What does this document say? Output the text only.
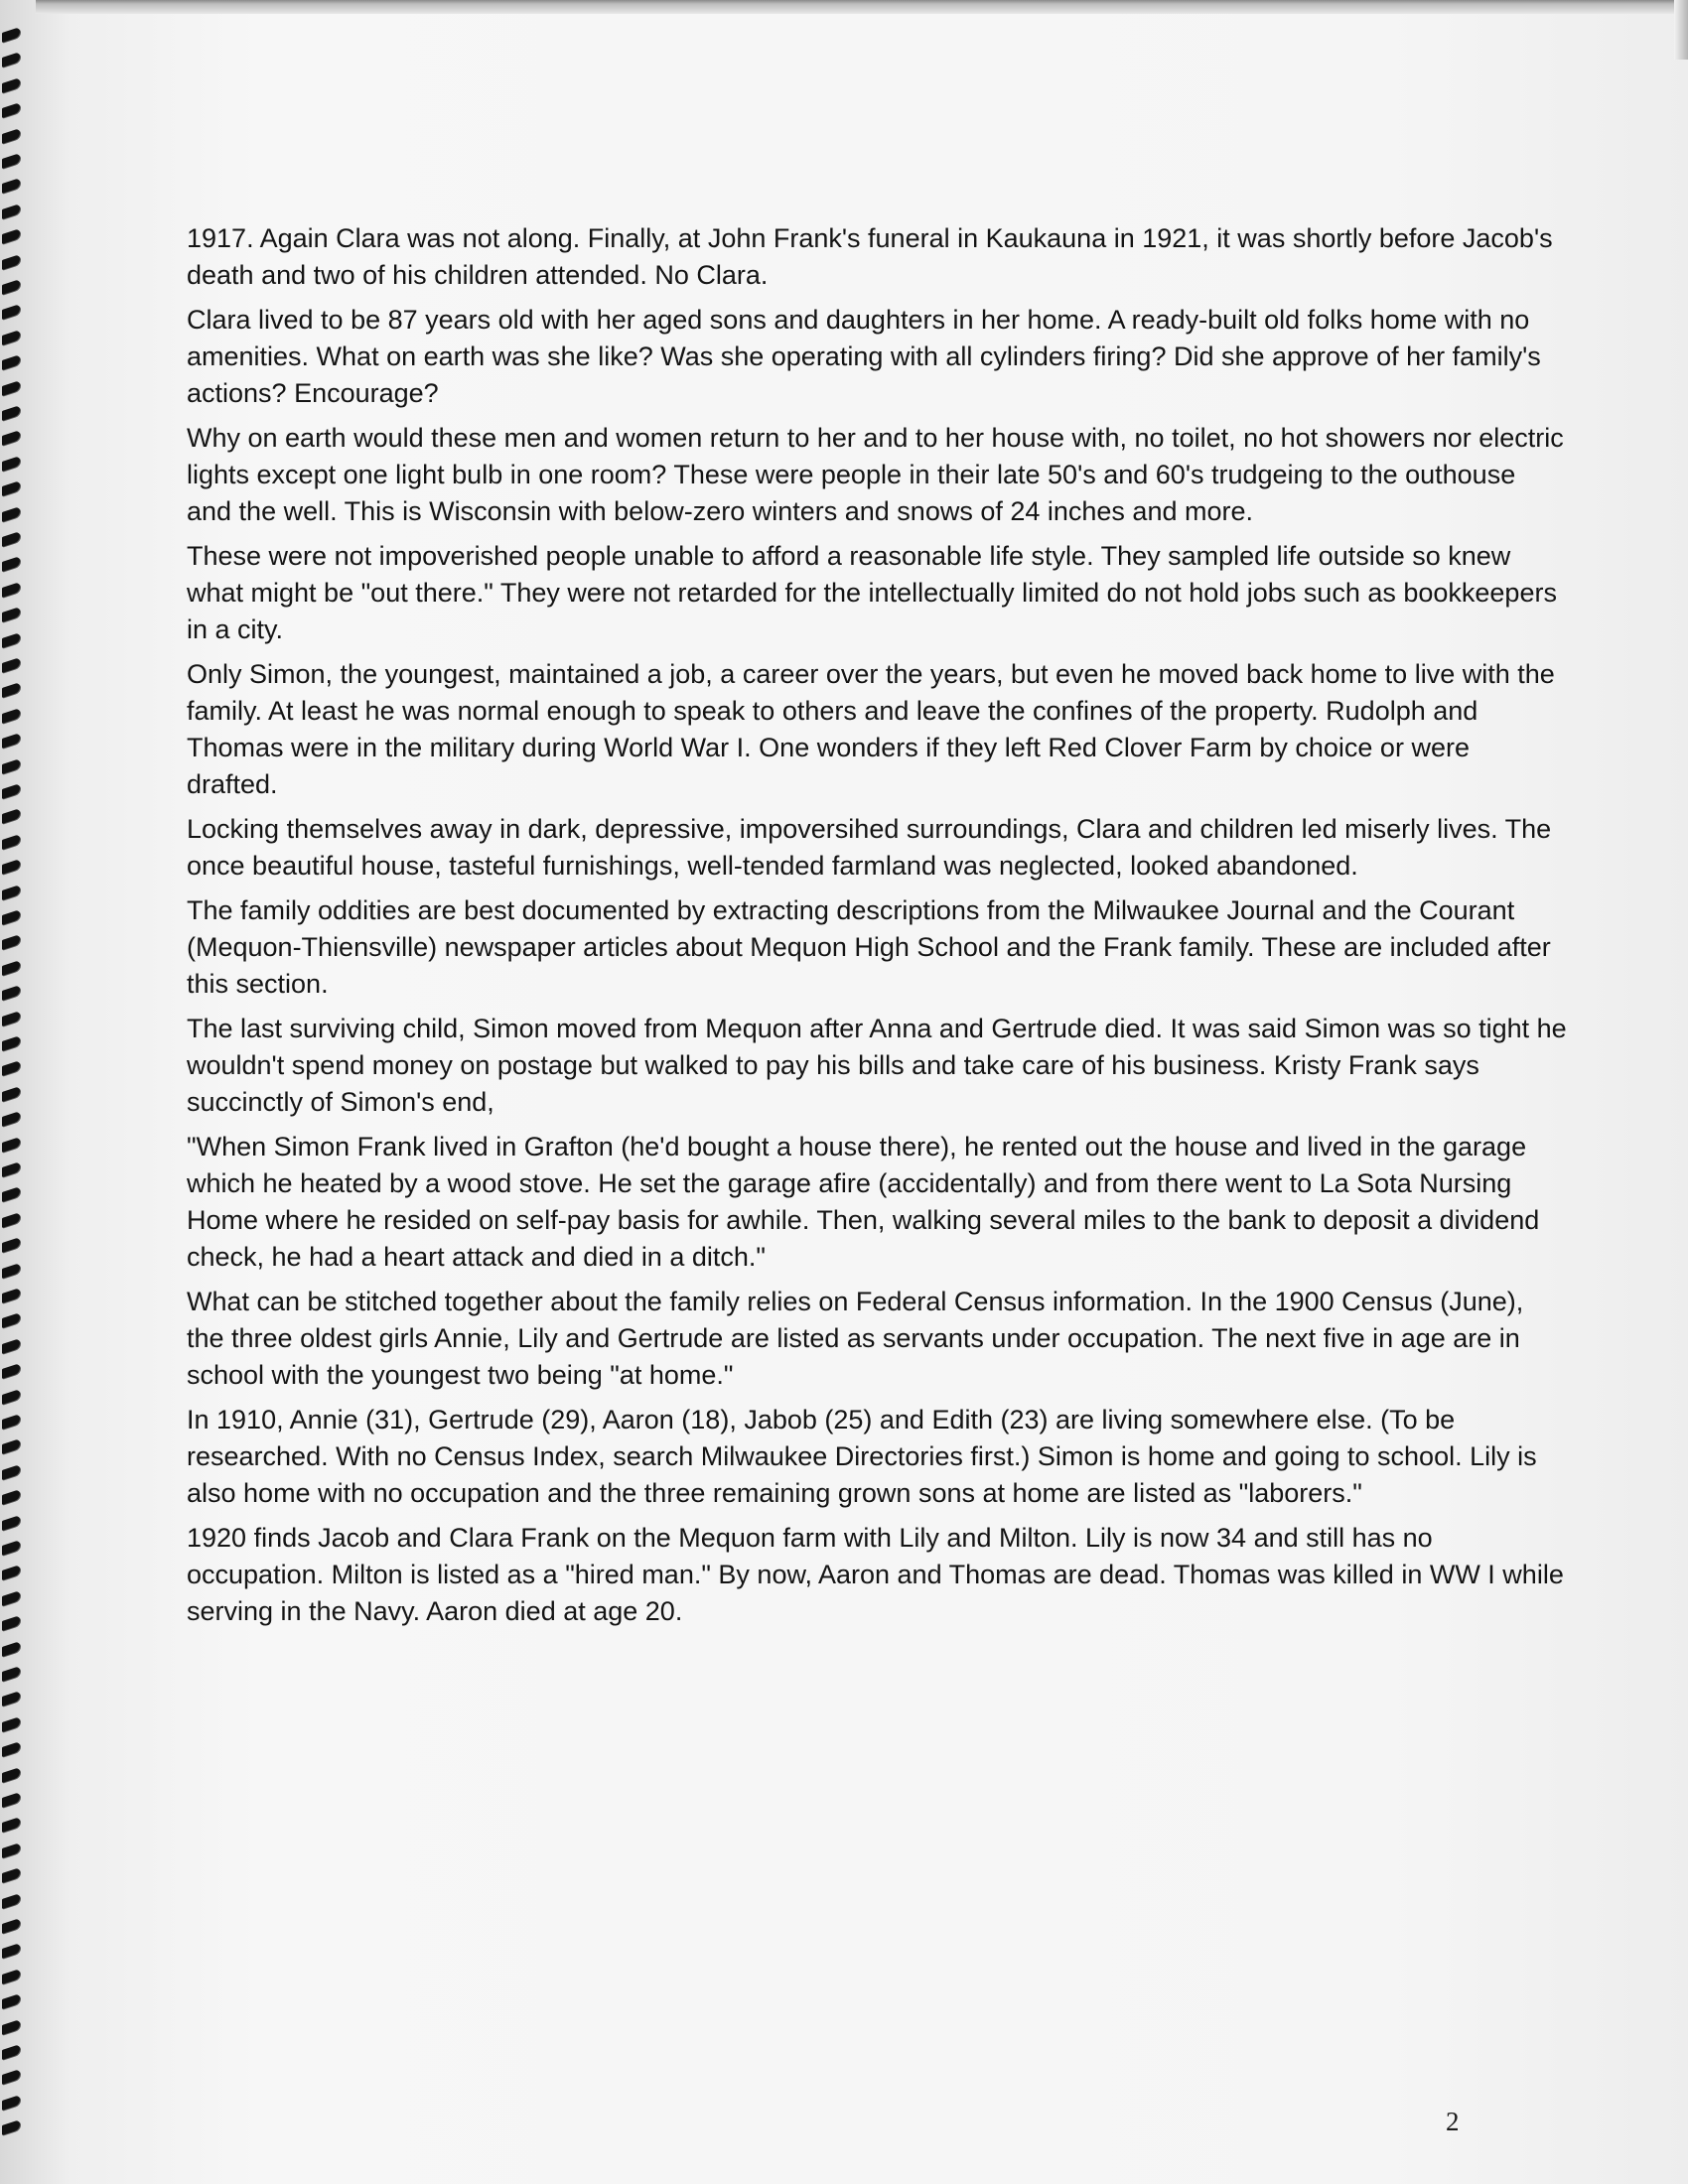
1917. Again Clara was not along. Finally, at John Frank's funeral in Kaukauna in 1921, it was shortly before Jacob's death and two of his children attended. No Clara.

Clara lived to be 87 years old with her aged sons and daughters in her home. A ready-built old folks home with no amenities. What on earth was she like? Was she operating with all cylinders firing? Did she approve of her family's actions? Encourage?

Why on earth would these men and women return to her and to her house with, no toilet, no hot showers nor electric lights except one light bulb in one room? These were people in their late 50's and 60's trudgeing to the outhouse and the well. This is Wisconsin with below-zero winters and snows of 24 inches and more.

These were not impoverished people unable to afford a reasonable life style. They sampled life outside so knew what might be "out there." They were not retarded for the intellectually limited do not hold jobs such as bookkeepers in a city.

Only Simon, the youngest, maintained a job, a career over the years, but even he moved back home to live with the family. At least he was normal enough to speak to others and leave the confines of the property. Rudolph and Thomas were in the military during World War I. One wonders if they left Red Clover Farm by choice or were drafted.

Locking themselves away in dark, depressive, impoversihed surroundings, Clara and children led miserly lives. The once beautiful house, tasteful furnishings, well-tended farmland was neglected, looked abandoned.

The family oddities are best documented by extracting descriptions from the Milwaukee Journal and the Courant (Mequon-Thiensville) newspaper articles about Mequon High School and the Frank family. These are included after this section.

The last surviving child, Simon moved from Mequon after Anna and Gertrude died. It was said Simon was so tight he wouldn't spend money on postage but walked to pay his bills and take care of his business. Kristy Frank says succinctly of Simon's end,

"When Simon Frank lived in Grafton (he'd bought a house there), he rented out the house and lived in the garage which he heated by a wood stove. He set the garage afire (accidentally) and from there went to La Sota Nursing Home where he resided on self-pay basis for awhile. Then, walking several miles to the bank to deposit a dividend check, he had a heart attack and died in a ditch."

What can be stitched together about the family relies on Federal Census information. In the 1900 Census (June), the three oldest girls Annie, Lily and Gertrude are listed as servants under occupation. The next five in age are in school with the youngest two being "at home."

In 1910, Annie (31), Gertrude (29), Aaron (18), Jabob (25) and Edith (23) are living somewhere else. (To be researched. With no Census Index, search Milwaukee Directories first.) Simon is home and going to school. Lily is also home with no occupation and the three remaining grown sons at home are listed as "laborers."

1920 finds Jacob and Clara Frank on the Mequon farm with Lily and Milton. Lily is now 34 and still has no occupation. Milton is listed as a "hired man." By now, Aaron and Thomas are dead. Thomas was killed in WW I while serving in the Navy. Aaron died at age 20.

2
